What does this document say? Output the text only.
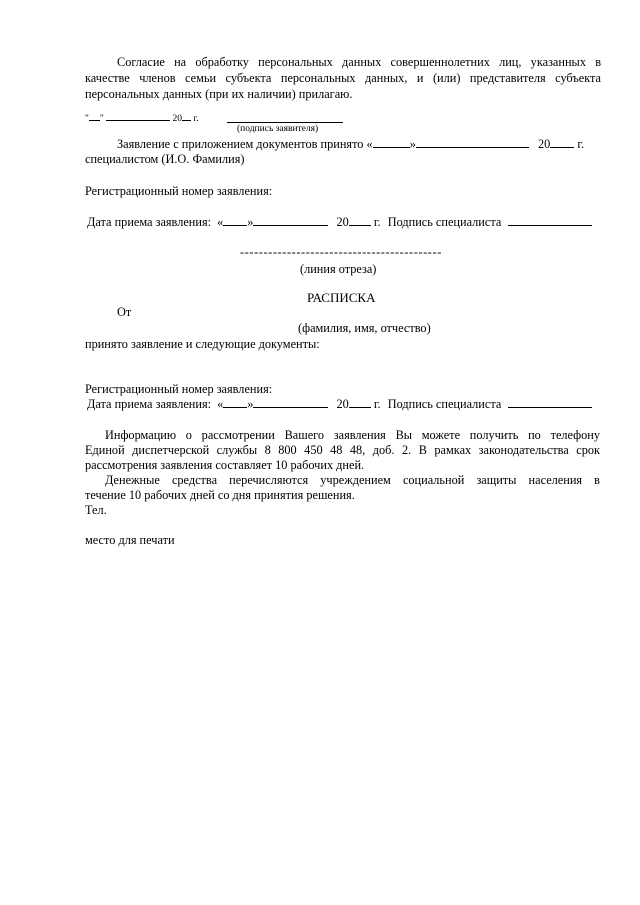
Согласие на обработку персональных данных совершеннолетних лиц, указанных в
качестве членов семьи субъекта персональных данных, и (или) представителя субъекта
персональных данных (при их наличии) прилагаю.
" "	20 г.
(подпись заявителя)
Заявление с приложением документов принято «	»	20 г.
специалистом (И.О. Фамилия)
Регистрационный номер заявления:
Дата приема заявления: « »	20 г. Подпись специалиста
-------------------------------------------
(линия отреза)
РАСПИСКА
От
(фамилия, имя, отчество)
принято заявление и следующие документы:
Регистрационный номер заявления:
Дата приема заявления: « »	20 г. Подпись специалиста
Информацию о рассмотрении Вашего заявления Вы можете получить по телефону
Единой диспетчерской службы 8 800 450 48 48, доб. 2. В рамках законодательства срок
рассмотрения заявления составляет 10 рабочих дней.
Денежные средства перечисляются учреждением социальной защиты населения в
течение 10 рабочих дней со дня принятия решения.
Тел.
место для печати
